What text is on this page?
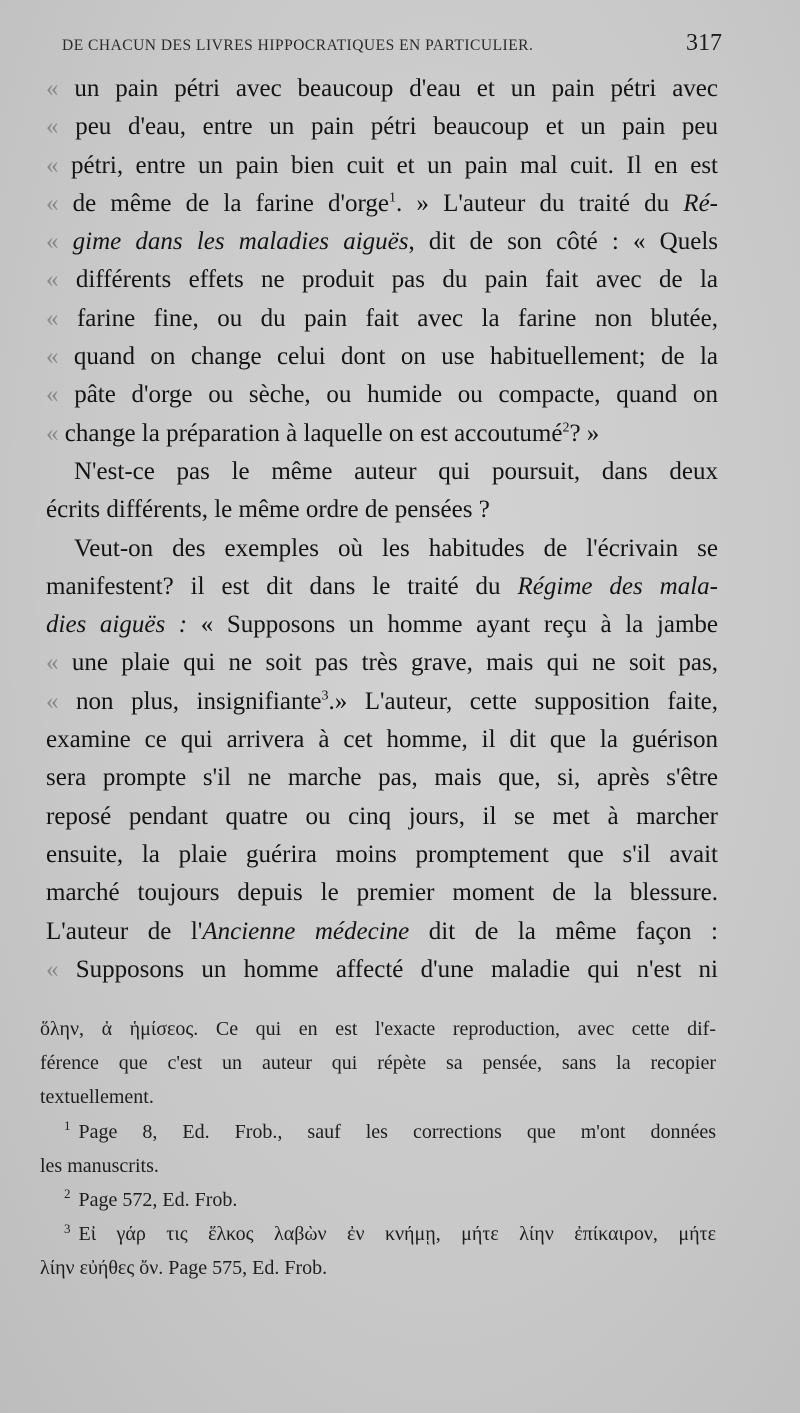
DE CHACUN DES LIVRES HIPPOCRATIQUES EN PARTICULIER.	317
« un pain pétri avec beaucoup d'eau et un pain pétri avec
« peu d'eau, entre un pain pétri beaucoup et un pain peu
« pétri, entre un pain bien cuit et un pain mal cuit. Il en est
« de même de la farine d'orge$^1$. » L'auteur du traité du Ré-
« gime dans les maladies aiguës, dit de son côté : « Quels
« différents effets ne produit pas du pain fait avec de la
« farine fine, ou du pain fait avec la farine non blutée,
« quand on change celui dont on use habituellement; de la
« pâte d'orge ou sèche, ou humide ou compacte, quand on
« change la préparation à laquelle on est accoutumé$^2$? »
N'est-ce pas le même auteur qui poursuit, dans deux
écrits différents, le même ordre de pensées ?
Veut-on des exemples où les habitudes de l'écrivain se
manifestent? il est dit dans le traité du Régime des mala-
dies aiguës : « Supposons un homme ayant reçu à la jambe
« une plaie qui ne soit pas très grave, mais qui ne soit pas,
« non plus, insignifiante$^3$.» L'auteur, cette supposition faite,
examine ce qui arrivera à cet homme, il dit que la guérison
sera prompte s'il ne marche pas, mais que, si, après s'être
reposé pendant quatre ou cinq jours, il se met à marcher
ensuite, la plaie guérira moins promptement que s'il avait
marché toujours depuis le premier moment de la blessure.
L'auteur de l'Ancienne médecine dit de la même façon :
« Supposons un homme affecté d'une maladie qui n'est ni
ὅλην, ἀ ἡμίσεος. Ce qui en est l'exacte reproduction, avec cette dif-
férence que c'est un auteur qui répète sa pensée, sans la recopier
textuellement.
$^1$ Page 8, Ed. Frob., sauf les corrections que m'ont données
les manuscrits.
$^2$ Page 572, Ed. Frob.
$^3$ Εἰ γάρ τις ἕλκος λαβὼν ἐν κνήμῃ, μήτε λίην ἐπίκαιρον, μήτε
λίην εὐήθες ὄν. Page 575, Ed. Frob.
